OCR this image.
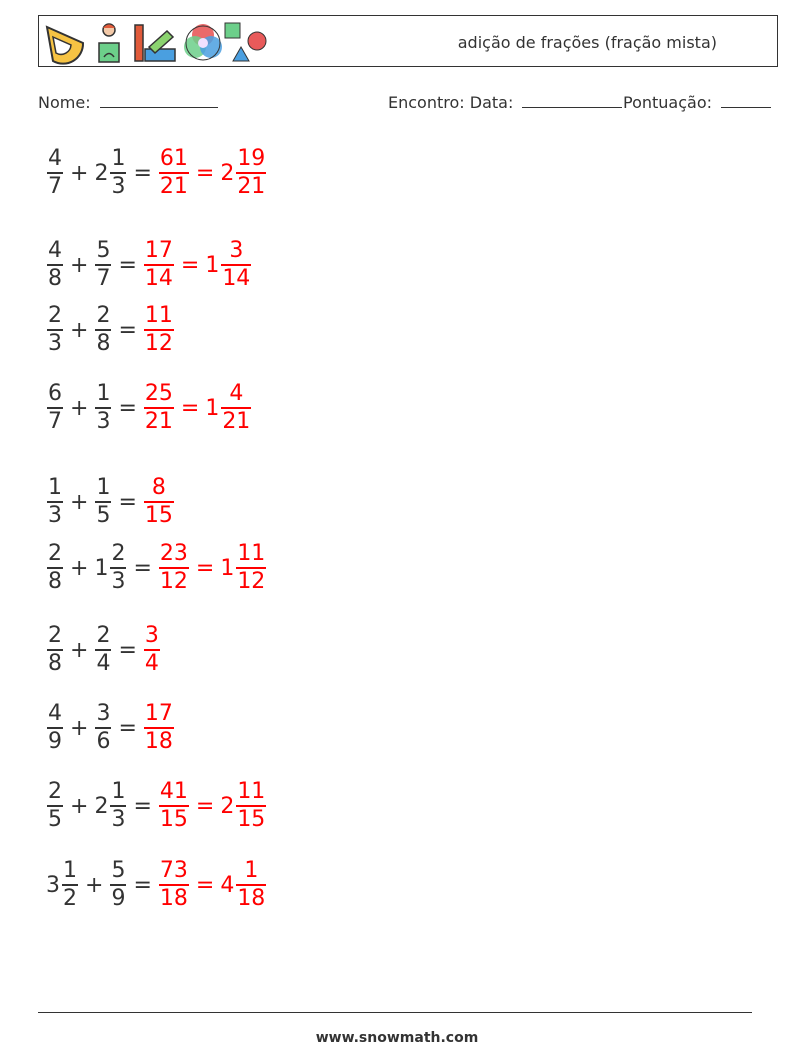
adição de frações (fração mista)
Nome:	Encontro: Data:	Pontuação:
$\frac{4}{7} + 2 \frac{1}{3} = \frac{61}{21} = 2 \frac{19}{21}$
$\frac{4}{8} + \frac{5}{7} = \frac{17}{14} = 1 \frac{3}{14}$
$\frac{2}{3} + \frac{2}{8} = \frac{11}{12}$
$\frac{6}{7} + \frac{1}{3} = \frac{25}{21} = 1 \frac{4}{21}$
$\frac{1}{3} + \frac{1}{5} = \frac{8}{15}$
$\frac{2}{8} + 1 \frac{2}{3} = \frac{23}{12} = 1 \frac{11}{12}$
$\frac{2}{8} + \frac{2}{4} = \frac{3}{4}$
$\frac{4}{9} + \frac{3}{6} = \frac{17}{18}$
$\frac{2}{5} + 2 \frac{1}{3} = \frac{41}{15} = 2 \frac{11}{15}$
$3 \frac{1}{2} + \frac{5}{9} = \frac{73}{18} = 4 \frac{1}{18}$
www.snowmath.com
